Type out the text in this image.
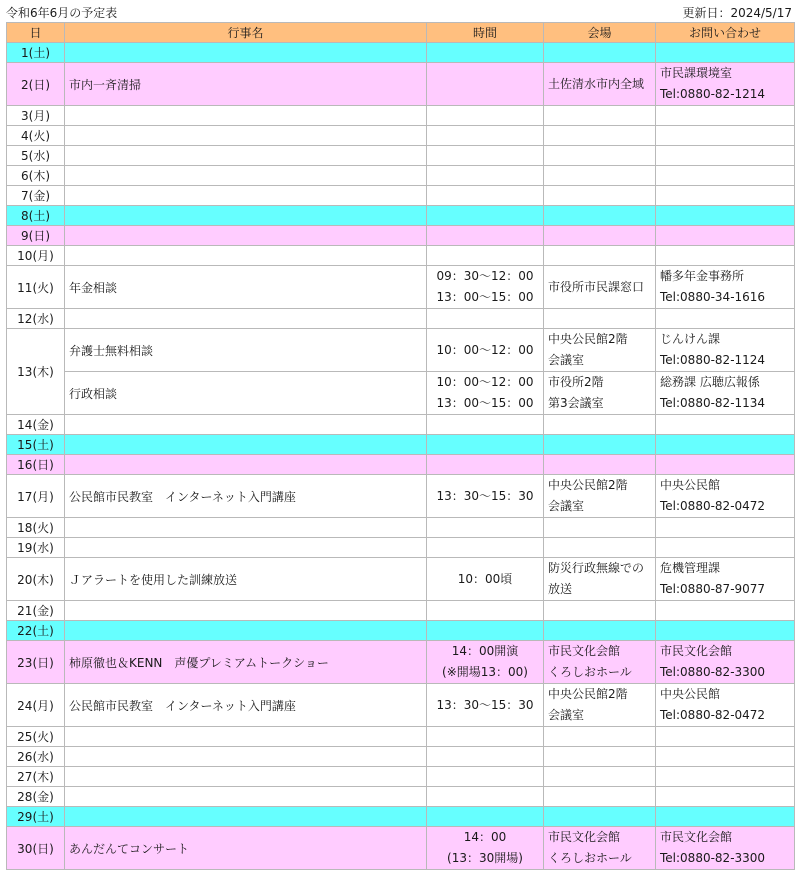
令和6年6月の予定表	更新日：2024/5/17
日	行事名	時間	会場	お問い合わせ
1(土)				
2(日)	市内一斉清掃		土佐清水市内全域	市民課環境室
Tel:0880-82-1214

3(月)				
4(火)				
5(水)				
6(木)				
7(金)				
8(土)				
9(日)				
10(月)				
11(火)	年金相談	09：30〜12：00
13：00〜15：00	市役所市民課窓口	幡多年金事務所
Tel:0880-34-1616

12(水)				
13(木)	弁護士無料相談	10：00〜12：00	中央公民館2階
会議室	じんけん課
Tel:0880-82-1124

	行政相談	10：00〜12：00
13：00〜15：00	市役所2階
第3会議室	総務課 広聴広報係
Tel:0880-82-1134

14(金)				
15(土)				
16(日)				
17(月)	公民館市民教室　インターネット入門講座	13：30〜15：30	中央公民館2階
会議室	中央公民館
Tel:0880-82-0472

18(火)				
19(水)				
20(木)	Ｊアラートを使用した訓練放送	10：00頃	防災行政無線での
放送	危機管理課
Tel:0880-87-9077

21(金)				
22(土)				
23(日)	柿原徹也＆KENN　声優プレミアムトークショー	14：00開演
(※開場13：00)	市民文化会館
くろしおホール	市民文化会館
Tel:0880-82-3300

24(月)	公民館市民教室　インターネット入門講座	13：30〜15：30	中央公民館2階
会議室	中央公民館
Tel:0880-82-0472

25(火)				
26(水)				
27(木)				
28(金)				
29(土)				
30(日)	あんだんてコンサート	14：00
(13：30開場)	市民文化会館
くろしおホール	市民文化会館
Tel:0880-82-3300
